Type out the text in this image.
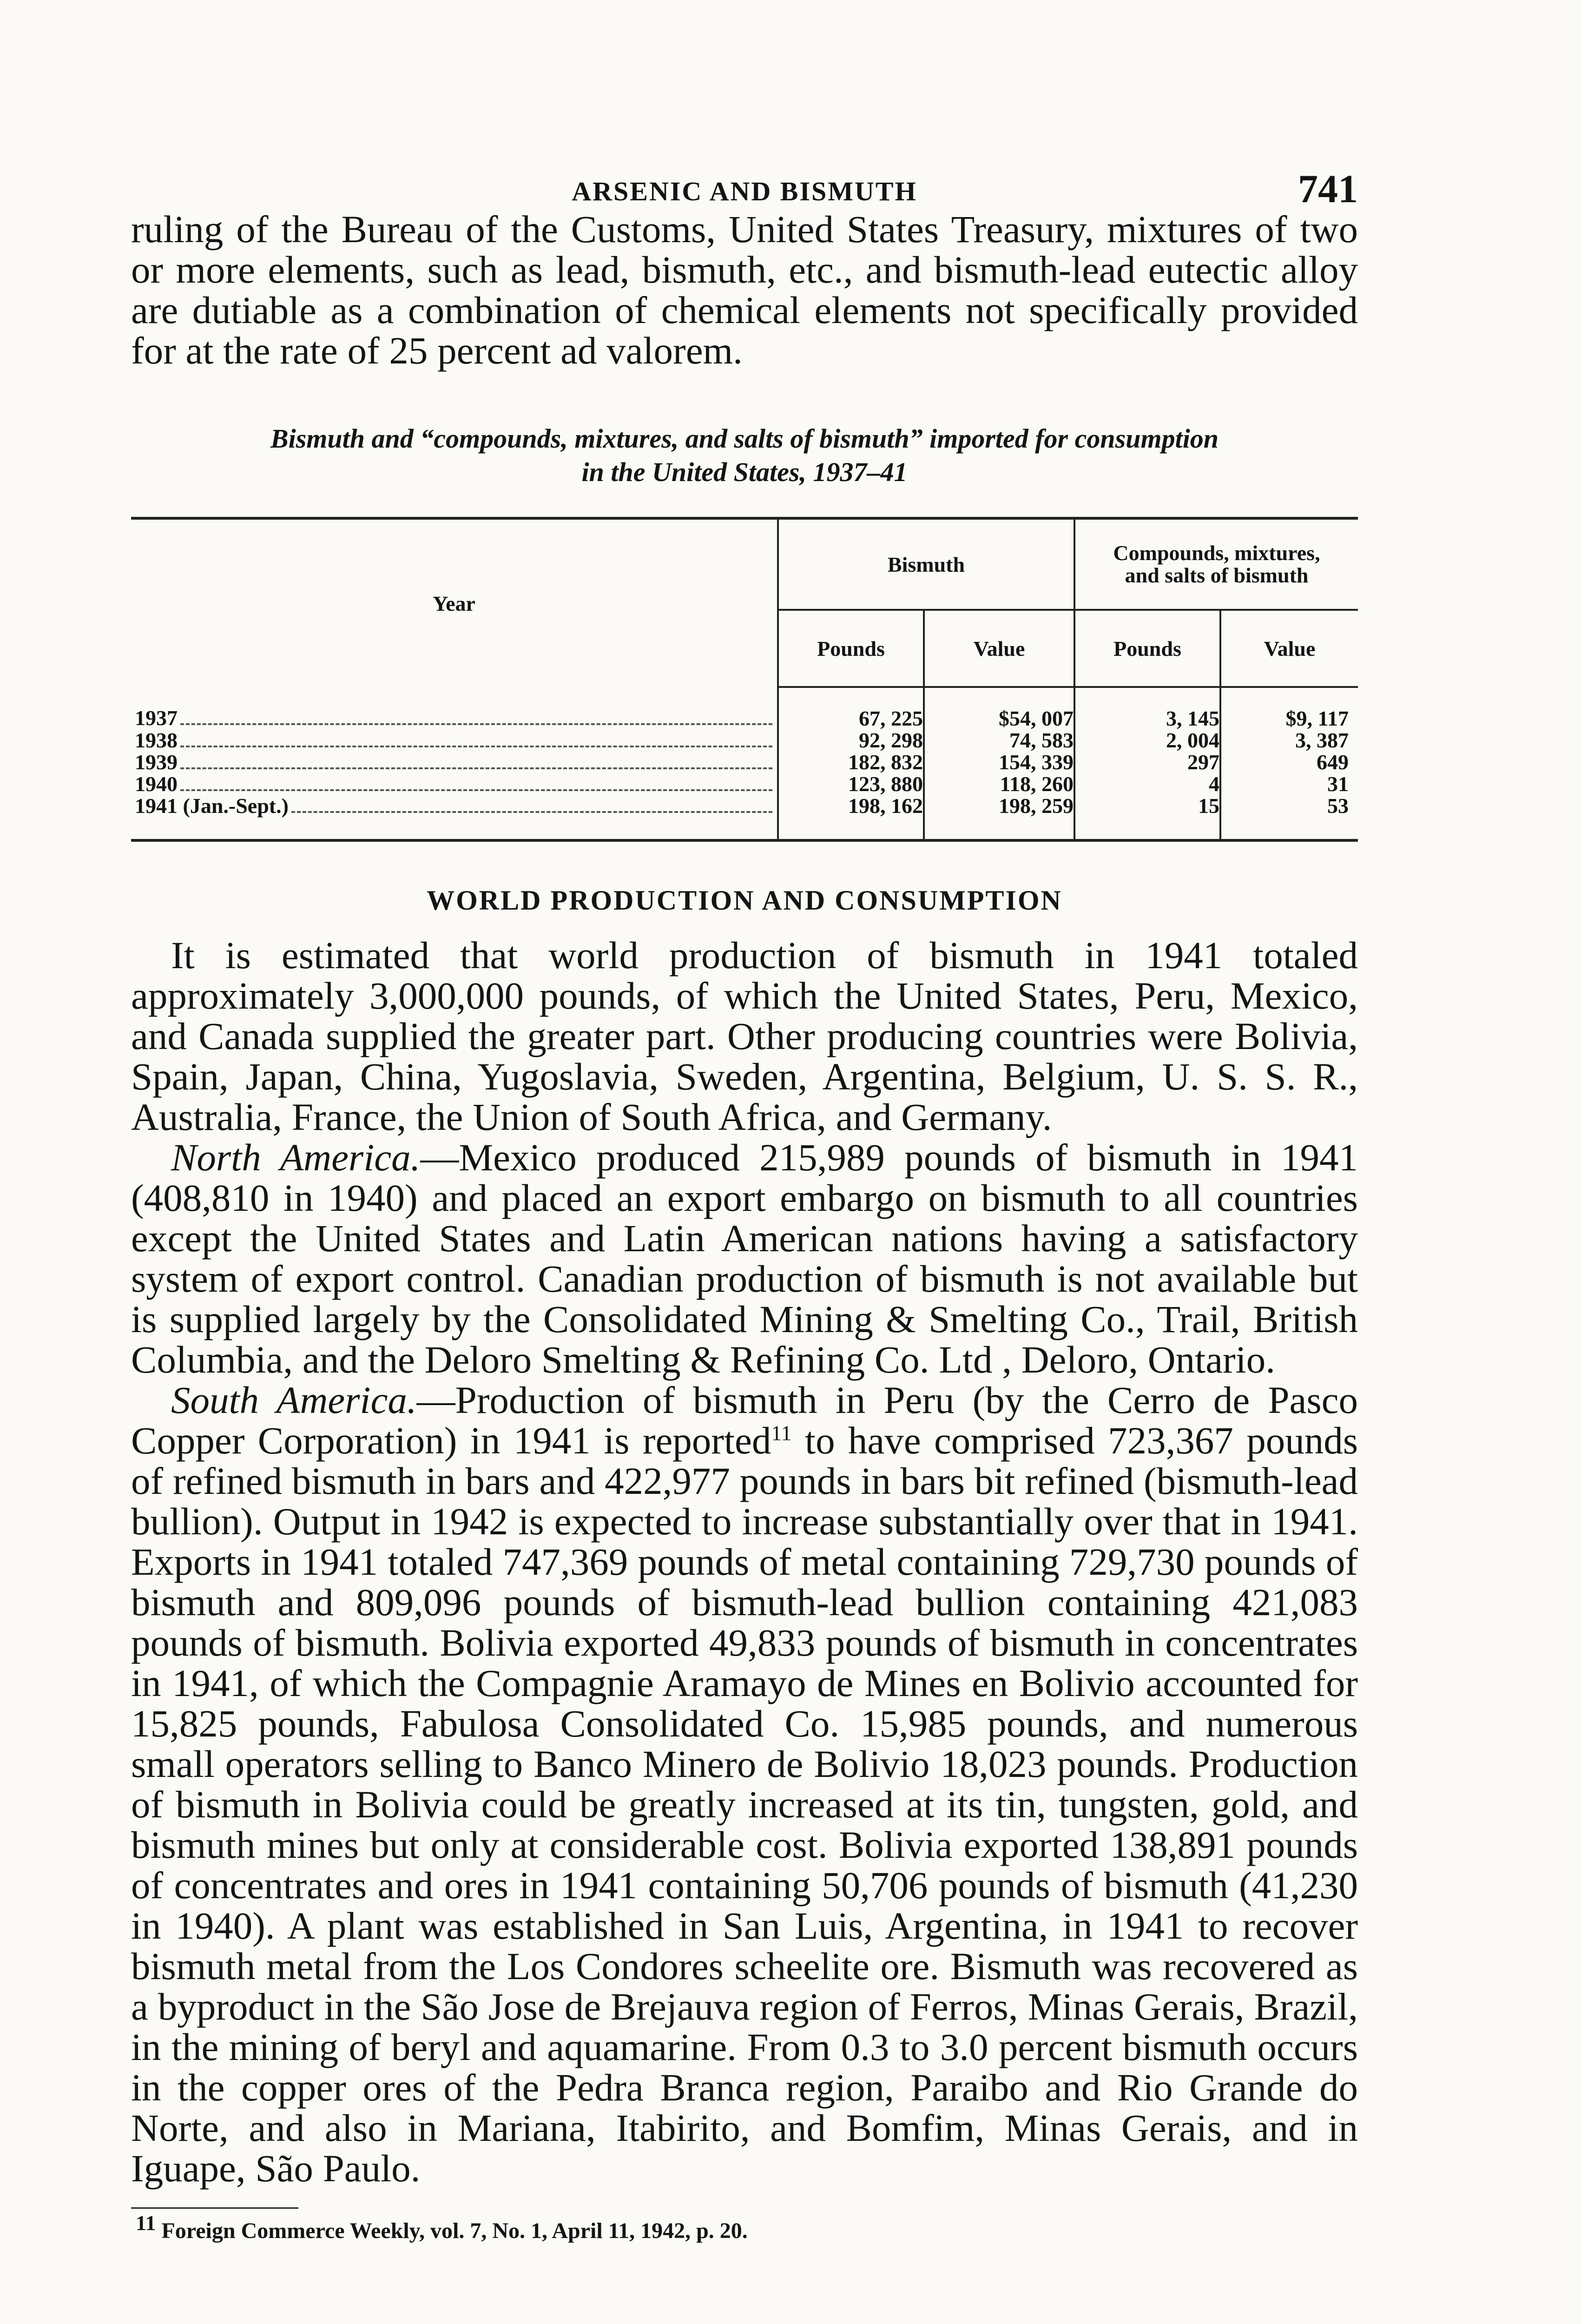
ARSENIC AND BISMUTH	741

ruling of the Bureau of the Customs, United States Treasury, mixtures of two or more elements, such as lead, bismuth, etc., and bismuth-lead eutectic alloy are dutiable as a combination of chemical elements not specifically provided for at the rate of 25 percent ad valorem.

Bismuth and “compounds, mixtures, and salts of bismuth” imported for consumption
in the United States, 1937–41
Year	Bismuth		Compounds, mixtures,
and salts of bismuth	
	Pounds	Value	Pounds	Value

1937	67, 225	$54, 007	3, 145	$9, 117

1938	92, 298	74, 583	2, 004	3, 387

1939	182, 832	154, 339	297	649

1940	123, 880	118, 260	4	31

1941 (Jan.-Sept.)	198, 162	198, 259	15	53
WORLD PRODUCTION AND CONSUMPTION

It is estimated that world production of bismuth in 1941 totaled approximately 3,000,000 pounds, of which the United States, Peru, Mexico, and Canada supplied the greater part. Other producing countries were Bolivia, Spain, Japan, China, Yugoslavia, Sweden, Argentina, Belgium, U. S. S. R., Australia, France, the Union of South Africa, and Germany.

North America.—Mexico produced 215,989 pounds of bismuth in 1941 (408,810 in 1940) and placed an export embargo on bismuth to all countries except the United States and Latin American nations having a satisfactory system of export control. Canadian production of bismuth is not available but is supplied largely by the Consolidated Mining & Smelting Co., Trail, British Columbia, and the Deloro Smelting & Refining Co. Ltd , Deloro, Ontario.

South America.—Production of bismuth in Peru (by the Cerro de Pasco Copper Corporation) in 1941 is reported$^{11}$ to have comprised 723,367 pounds of refined bismuth in bars and 422,977 pounds in bars bit refined (bismuth-lead bullion). Output in 1942 is expected to increase substantially over that in 1941. Exports in 1941 totaled 747,369 pounds of metal containing 729,730 pounds of bismuth and 809,096 pounds of bismuth-lead bullion containing 421,083 pounds of bismuth. Bolivia exported 49,833 pounds of bismuth in concentrates in 1941, of which the Compagnie Aramayo de Mines en Bolivio accounted for 15,825 pounds, Fabulosa Consolidated Co. 15,985 pounds, and numerous small operators selling to Banco Minero de Bolivio 18,023 pounds. Production of bismuth in Bolivia could be greatly increased at its tin, tungsten, gold, and bismuth mines but only at considerable cost. Bolivia exported 138,891 pounds of concentrates and ores in 1941 containing 50,706 pounds of bismuth (41,230 in 1940). A plant was established in San Luis, Argentina, in 1941 to recover bismuth metal from the Los Condores scheelite ore. Bismuth was recovered as a byproduct in the São Jose de Brejauva region of Ferros, Minas Gerais, Brazil, in the mining of beryl and aquamarine. From 0.3 to 3.0 percent bismuth occurs in the copper ores of the Pedra Branca region, Paraibo and Rio Grande do Norte, and also in Mariana, Itabirito, and Bomfim, Minas Gerais, and in Iguape, São Paulo.

$^{11}$ Foreign Commerce Weekly, vol. 7, No. 1, April 11, 1942, p. 20.
